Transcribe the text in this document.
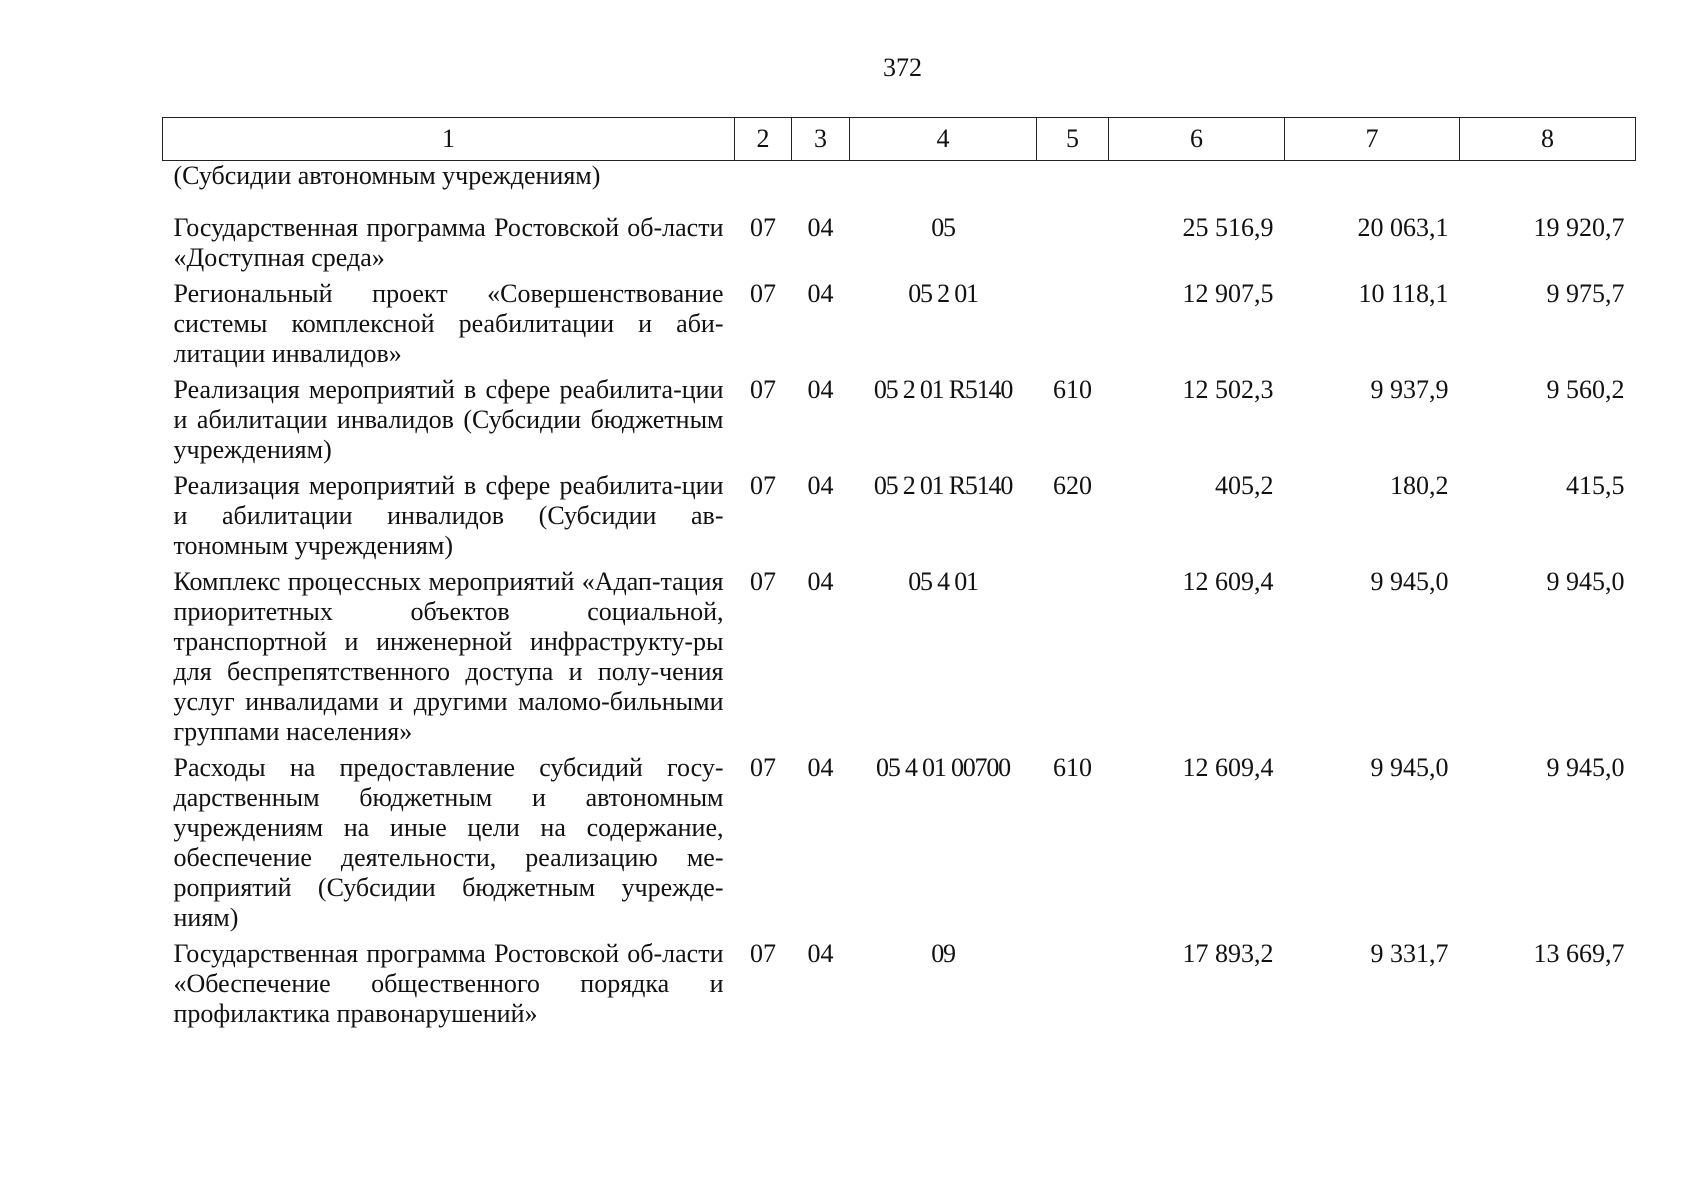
372
1	2	3	4	5	6	7	8
(Субсидии автономным учреждениям)							
Государственная программа Ростовской об-ласти «Доступная среда»	07	04	05		25 516,9	20 063,1	19 920,7
Региональный проект «Совершенствование системы комплексной реабилитации и аби-литации инвалидов»	07	04	05 2 01		12 907,5	10 118,1	9 975,7
Реализация мероприятий в сфере реабилита-ции и абилитации инвалидов (Субсидии бюджетным учреждениям)	07	04	05 2 01 R5140	610	12 502,3	9 937,9	9 560,2
Реализация мероприятий в сфере реабилита-ции и абилитации инвалидов (Субсидии ав-тономным учреждениям)	07	04	05 2 01 R5140	620	405,2	180,2	415,5
Комплекс процессных мероприятий «Адап-тация приоритетных объектов социальной, транспортной и инженерной инфраструкту-ры для беспрепятственного доступа и полу-чения услуг инвалидами и другими маломо-бильными группами населения»	07	04	05 4 01		12 609,4	9 945,0	9 945,0
Расходы на предоставление субсидий госу-дарственным бюджетным и автономным учреждениям на иные цели на содержание, обеспечение деятельности, реализацию ме-роприятий (Субсидии бюджетным учрежде-ниям)	07	04	05 4 01 00700	610	12 609,4	9 945,0	9 945,0
Государственная программа Ростовской об-ласти «Обеспечение общественного порядка и профилактика правонарушений»	07	04	09		17 893,2	9 331,7	13 669,7
